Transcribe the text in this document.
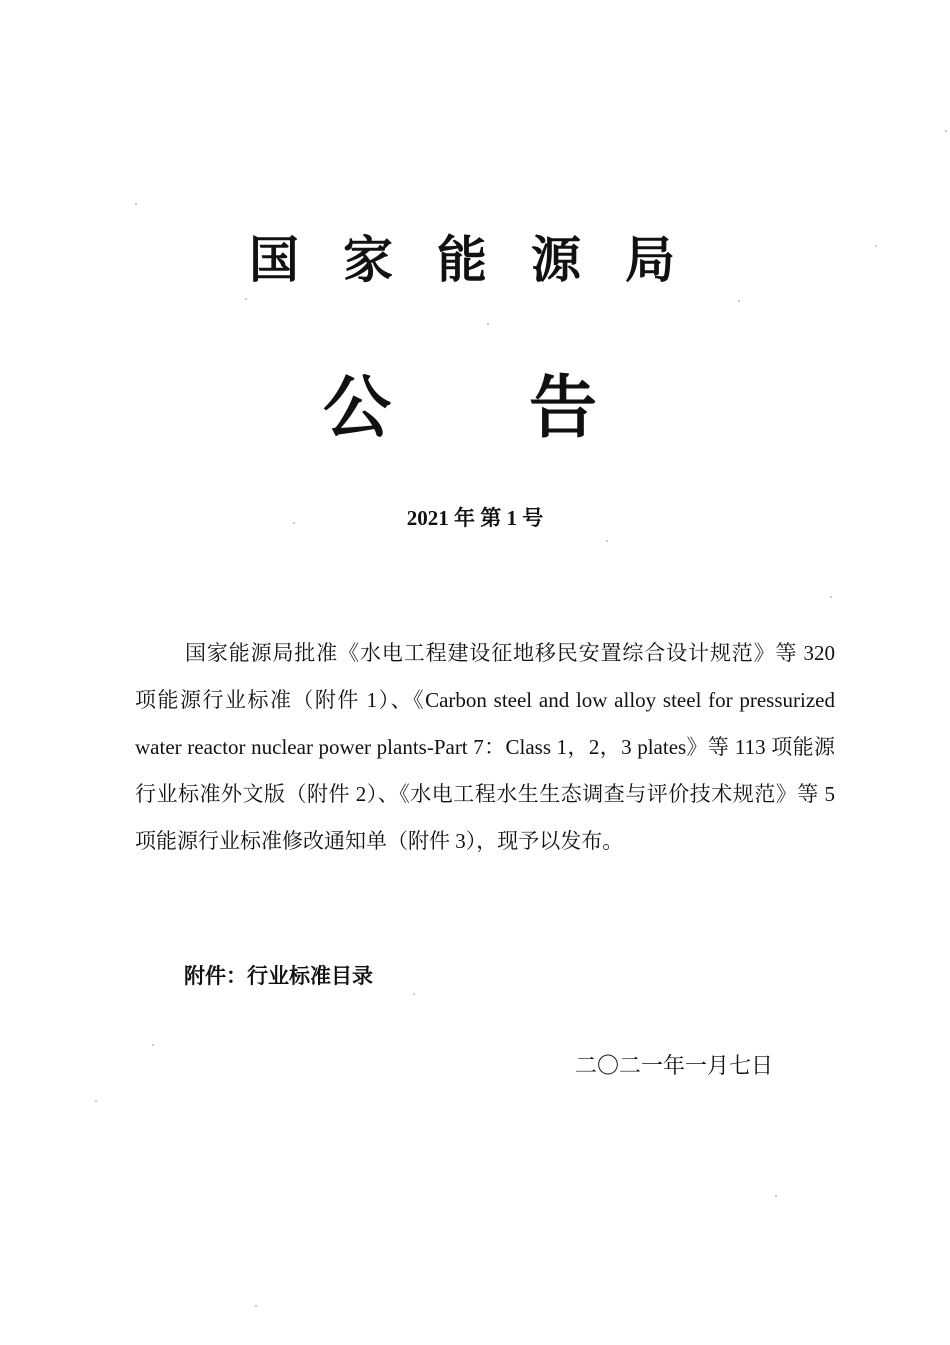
国家能源局
公告
2021 年 第 1 号

国家能源局批准《水电工程建设征地移民安置综合设计规范》等 320 项能源行业标准（附件 1）、《Carbon steel and low alloy steel for pressurized water reactor nuclear power plants-Part 7：Class 1，2，3 plates》等 113 项能源行业标准外文版（附件 2）、《水电工程水生生态调查与评价技术规范》等 5 项能源行业标准修改通知单（附件 3），现予以发布。

附件：行业标准目录
二〇二一年一月七日
